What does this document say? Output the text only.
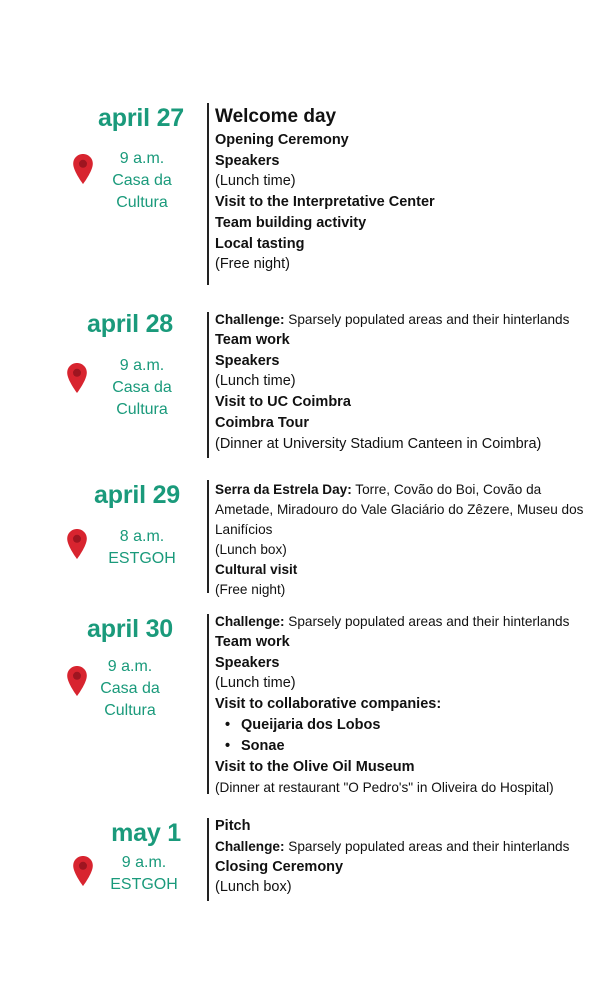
april 27
9 a.m.
Casa da
Cultura
Welcome day
Opening Ceremony
Speakers
(Lunch time)
Visit to the Interpretative Center
Team building activity
Local tasting
(Free night)
april 28
9 a.m.
Casa da
Cultura
Challenge: Sparsely populated areas and their hinterlands
Team work
Speakers
(Lunch time)
Visit to UC Coimbra
Coimbra Tour
(Dinner at University Stadium Canteen in Coimbra)
april 29
8 a.m.
ESTGOH
Serra da Estrela Day: Torre, Covão do Boi, Covão da Ametade, Miradouro do Vale Glaciário do Zêzere, Museu dos Lanifícios
(Lunch box)
Cultural visit
(Free night)
april 30
9 a.m.
Casa da
Cultura
Challenge: Sparsely populated areas and their hinterlands
Team work
Speakers
(Lunch time)
Visit to collaborative companies:
• Queijaria dos Lobos
• Sonae
Visit to the Olive Oil Museum
(Dinner at restaurant "O Pedro's" in Oliveira do Hospital)
may 1
9 a.m.
ESTGOH
Pitch
Challenge: Sparsely populated areas and their hinterlands
Closing Ceremony
(Lunch box)
